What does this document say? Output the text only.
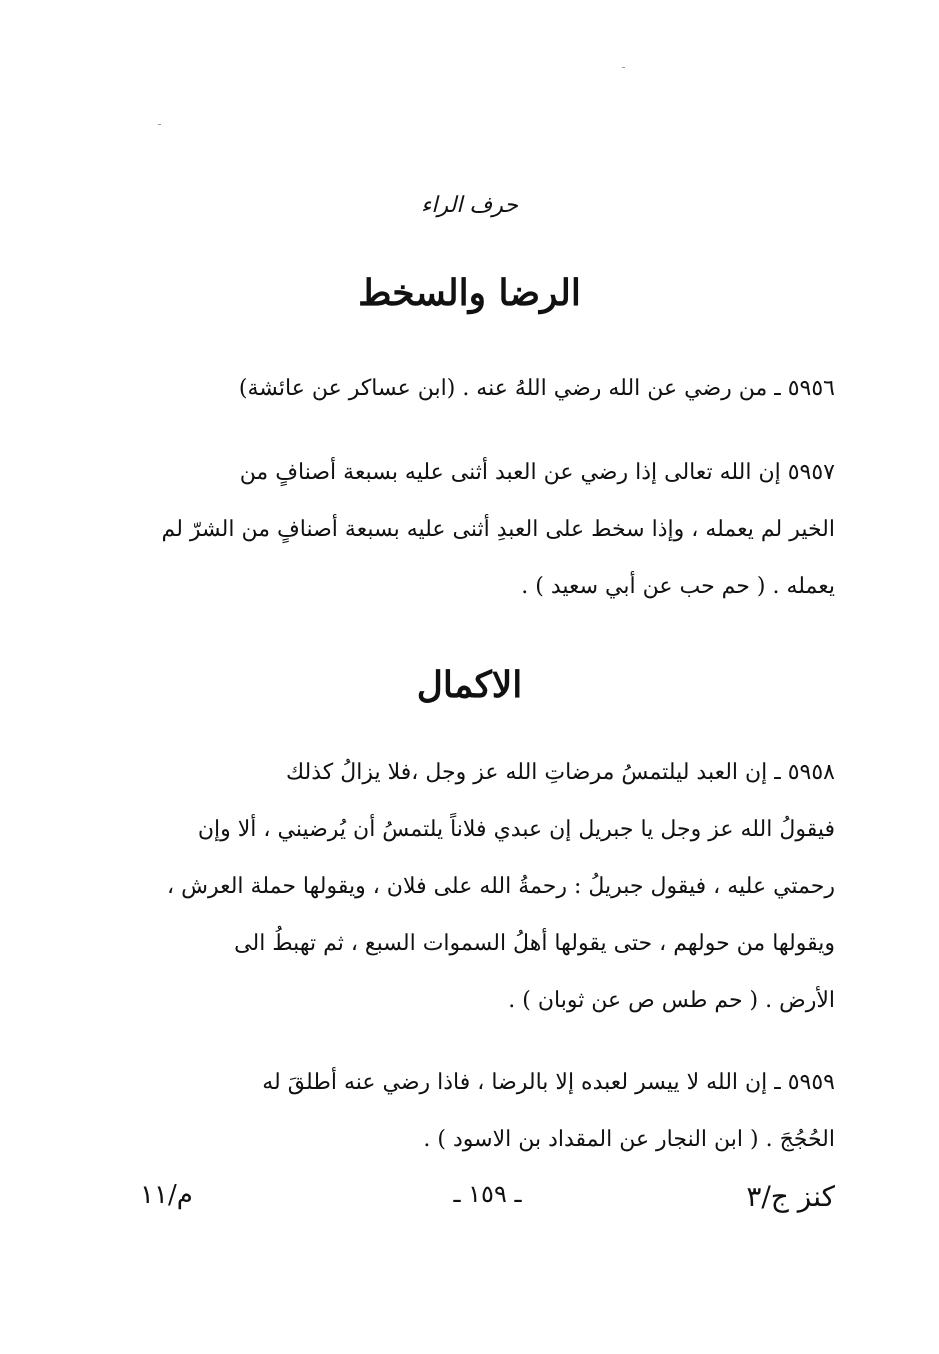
حرف الراء
الرضا والسخط
٥٩٥٦ ـ من رضي عن الله رضي اللهُ عنه . (ابن عساكر عن عائشة)
٥٩٥٧ إن الله تعالى إذا رضي عن العبد أثنى عليه بسبعة أصنافٍ من
الخير لم يعمله ، وإذا سخط على العبدِ أثنى عليه بسبعة أصنافٍ من الشرّ لم
يعمله . ( حم حب عن أبي سعيد ) .
الاكمال
٥٩٥٨ ـ إن العبد ليلتمسُ مرضاتِ الله عز وجل ،فلا يزالُ كذلك
فيقولُ الله عز وجل يا جبريل إن عبدي فلاناً يلتمسُ أن يُرضيني ، ألا وإن
رحمتي عليه ، فيقول جبريلُ : رحمةُ الله على فلان ، ويقولها حملة العرش ،
ويقولها من حولهم ، حتى يقولها أهلُ السموات السبع ، ثم تهبطُ الى
الأرض . ( حم طس ص عن ثوبان ) .
٥٩٥٩ ـ إن الله لا ييسر لعبده إلا بالرضا ، فاذا رضي عنه أطلقَ له
الحُجُجَ . ( ابن النجار عن المقداد بن الاسود ) .
كنز ج/٣
ـ ١٥٩ ـ
م/١١
